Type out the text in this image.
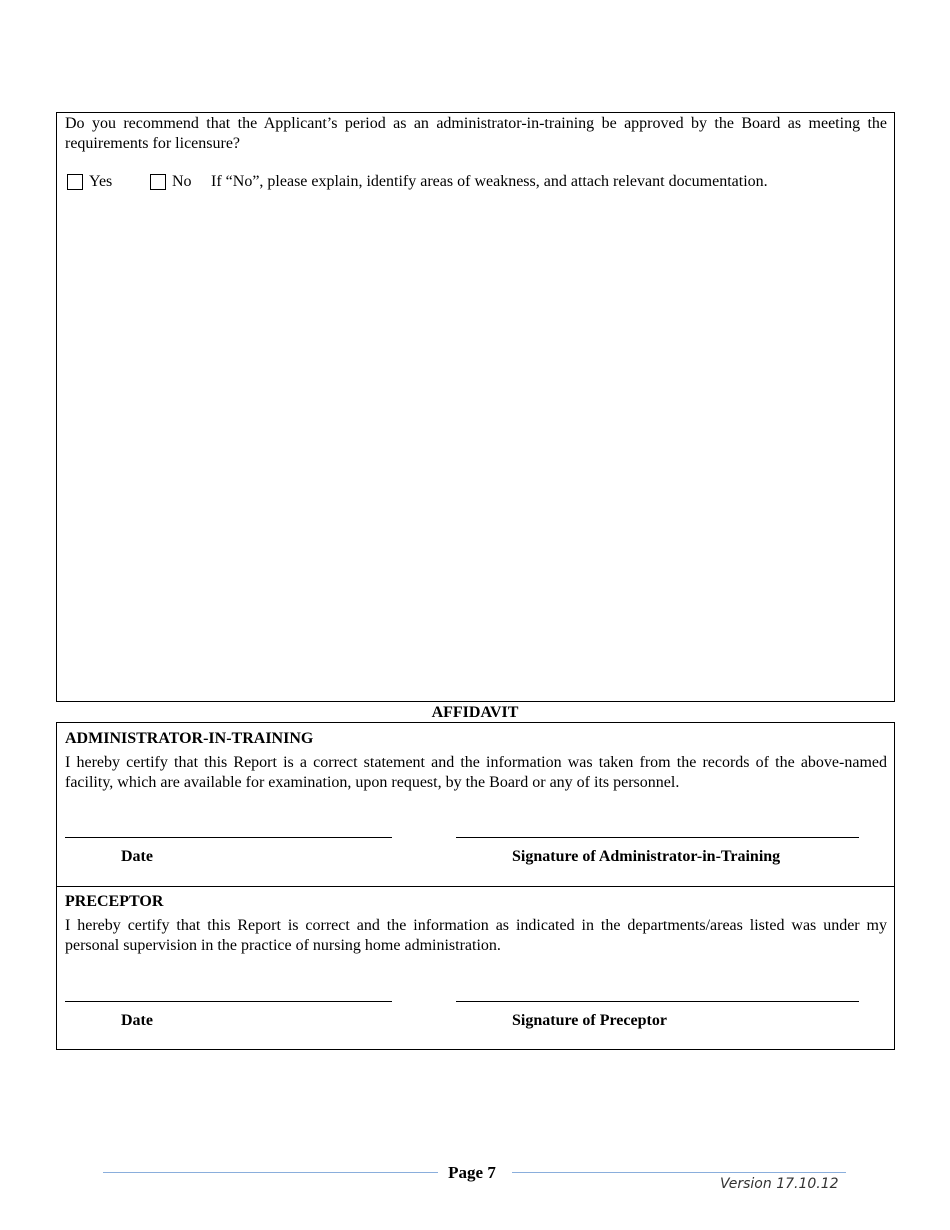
Do you recommend that the Applicant’s period as an administrator-in-training be approved by the Board as meeting the requirements for licensure?
Yes	No If “No”, please explain, identify areas of weakness, and attach relevant documentation.
AFFIDAVIT
ADMINISTRATOR-IN-TRAINING
I hereby certify that this Report is a correct statement and the information was taken from the records of the above-named facility, which are available for examination, upon request, by the Board or any of its personnel.
Date	Signature of Administrator-in-Training
PRECEPTOR
I hereby certify that this Report is correct and the information as indicated in the departments/areas listed was under my personal supervision in the practice of nursing home administration.
Date	Signature of Preceptor
Page 7
Version 17.10.12
